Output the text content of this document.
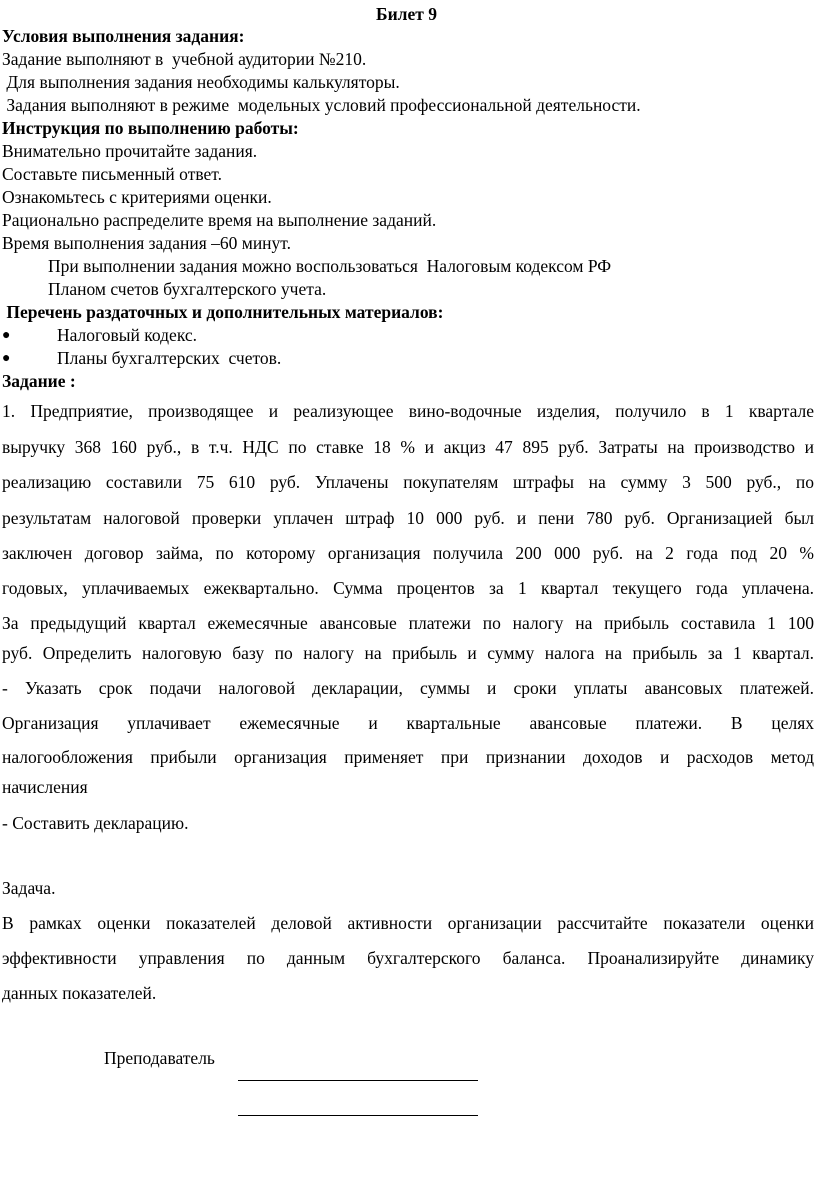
Билет 9
Условия выполнения задания:
Задание выполняют в  учебной аудитории №210.
Для выполнения задания необходимы калькуляторы.
Задания выполняют в режиме  модельных условий профессиональной деятельности.
Инструкция по выполнению работы:
Внимательно прочитайте задания.
Составьте письменный ответ.
Ознакомьтесь с критериями оценки.
Рационально распределите время на выполнение заданий.
Время выполнения задания –60 минут.
При выполнении задания можно воспользоваться  Налоговым кодексом РФ
Планом счетов бухгалтерского учета.
Перечень раздаточных и дополнительных материалов:
●	Налоговый кодекс.
●	Планы бухгалтерских  счетов.
Задание :
1. Предприятие, производящее и реализующее вино-водочные изделия, получило в 1 квартале
выручку 368 160 руб., в т.ч. НДС по ставке 18 % и акциз 47 895 руб. Затраты на производство и
реализацию составили 75 610 руб. Уплачены покупателям штрафы на сумму 3 500 руб., по
результатам налоговой проверки уплачен штраф 10 000 руб. и пени 780 руб. Организацией был
заключен договор займа, по которому организация получила 200 000 руб. на 2 года под 20 %
годовых, уплачиваемых ежеквартально. Сумма процентов за 1 квартал текущего года уплачена.
За предыдущий квартал ежемесячные авансовые платежи по налогу на прибыль составила 1 100
руб. Определить налоговую базу по налогу на прибыль и сумму налога на прибыль за 1 квартал.
- Указать срок подачи налоговой декларации, суммы и сроки уплаты авансовых платежей.
Организация уплачивает ежемесячные и квартальные авансовые платежи. В целях
налогообложения прибыли организация применяет при признании доходов и расходов метод
начисления
- Составить декларацию.
Задача.
В рамках оценки показателей деловой активности организации рассчитайте показатели оценки
эффективности управления по данным бухгалтерского баланса. Проанализируйте динамику
данных показателей.
Преподаватель
